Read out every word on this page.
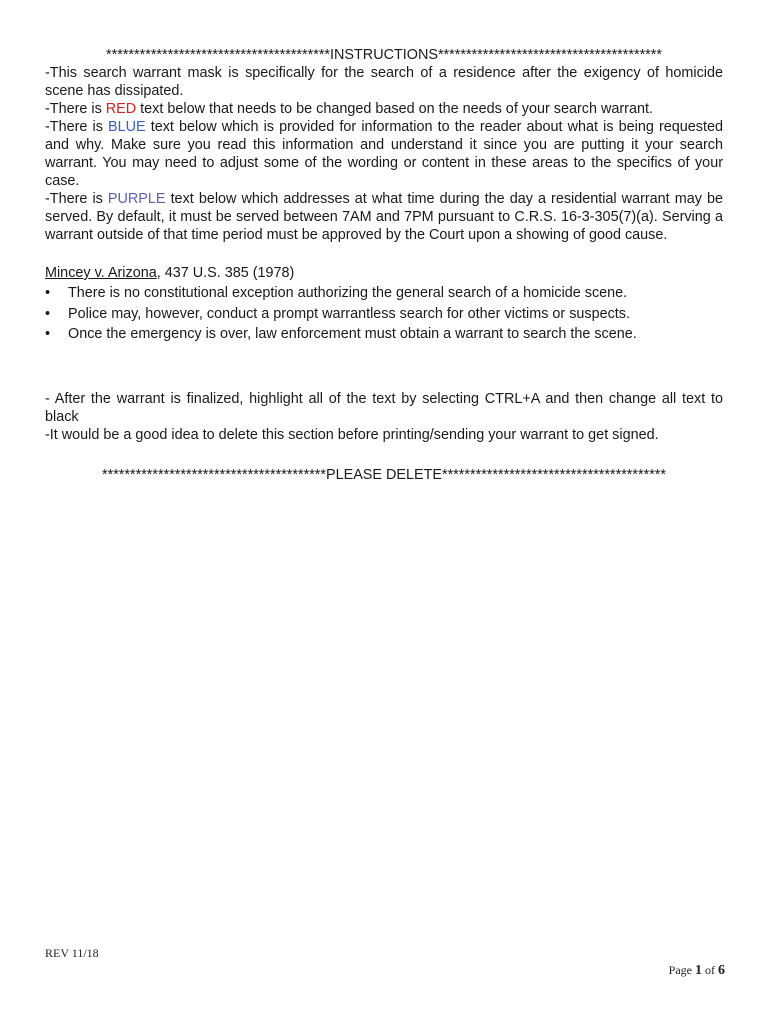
****************************************INSTRUCTIONS****************************************

-This search warrant mask is specifically for the search of a residence after the exigency of homicide scene has dissipated.

-There is RED text below that needs to be changed based on the needs of your search warrant.

-There is BLUE text below which is provided for information to the reader about what is being requested and why. Make sure you read this information and understand it since you are putting it your search warrant. You may need to adjust some of the wording or content in these areas to the specifics of your case.

-There is PURPLE text below which addresses at what time during the day a residential warrant may be served. By default, it must be served between 7AM and 7PM pursuant to C.R.S. 16-3-305(7)(a). Serving a warrant outside of that time period must be approved by the Court upon a showing of good cause.

Mincey v. Arizona, 437 U.S. 385 (1978)

• There is no constitutional exception authorizing the general search of a homicide scene.
• Police may, however, conduct a prompt warrantless search for other victims or suspects.
• Once the emergency is over, law enforcement must obtain a warrant to search the scene.

- After the warrant is finalized, highlight all of the text by selecting CTRL+A and then change all text to black

-It would be a good idea to delete this section before printing/sending your warrant to get signed.

****************************************PLEASE DELETE****************************************

REV 11/18
Page 1 of 6
